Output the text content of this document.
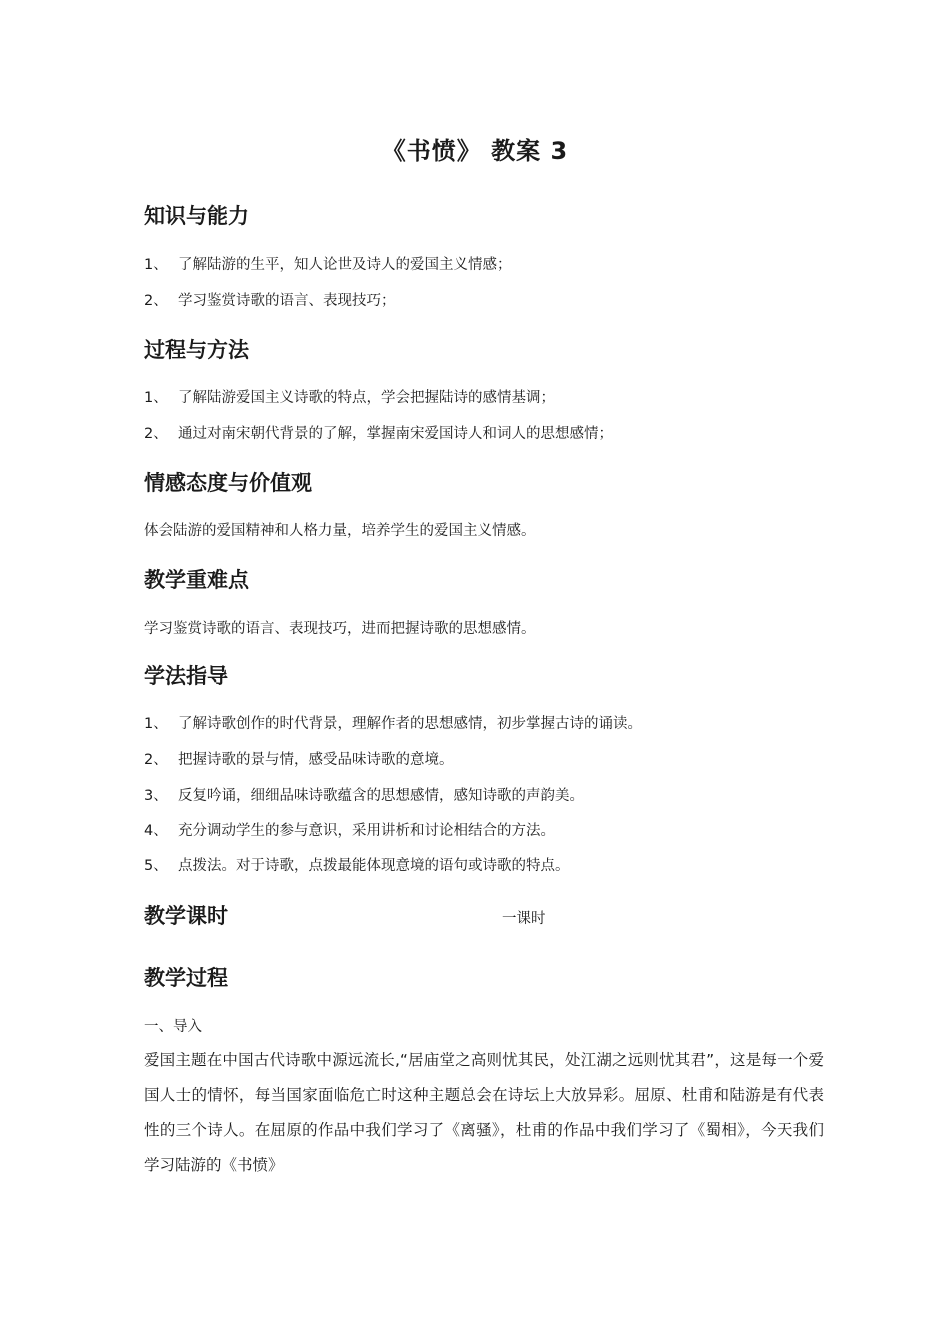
《书愤》 教案 3
知识与能力
1、 了解陆游的生平，知人论世及诗人的爱国主义情感；
2、 学习鉴赏诗歌的语言、表现技巧；
过程与方法
1、 了解陆游爱国主义诗歌的特点，学会把握陆诗的感情基调；
2、 通过对南宋朝代背景的了解，掌握南宋爱国诗人和词人的思想感情；
情感态度与价值观
体会陆游的爱国精神和人格力量，培养学生的爱国主义情感。
教学重难点
学习鉴赏诗歌的语言、表现技巧，进而把握诗歌的思想感情。
学法指导
1、 了解诗歌创作的时代背景，理解作者的思想感情，初步掌握古诗的诵读。
2、 把握诗歌的景与情，感受品味诗歌的意境。
3、 反复吟诵，细细品味诗歌蕴含的思想感情，感知诗歌的声韵美。
4、 充分调动学生的参与意识，采用讲析和讨论相结合的方法。
5、 点拨法。对于诗歌，点拨最能体现意境的语句或诗歌的特点。
教学课时	一课时
教学过程
一、导入
爱国主题在中国古代诗歌中源远流长,“居庙堂之高则忧其民，处江湖之远则忧其君”，这是每一个爱国人士的情怀，每当国家面临危亡时这种主题总会在诗坛上大放异彩。屈原、杜甫和陆游是有代表性的三个诗人。在屈原的作品中我们学习了《离骚》，杜甫的作品中我们学习了《蜀相》，今天我们学习陆游的《书愤》
